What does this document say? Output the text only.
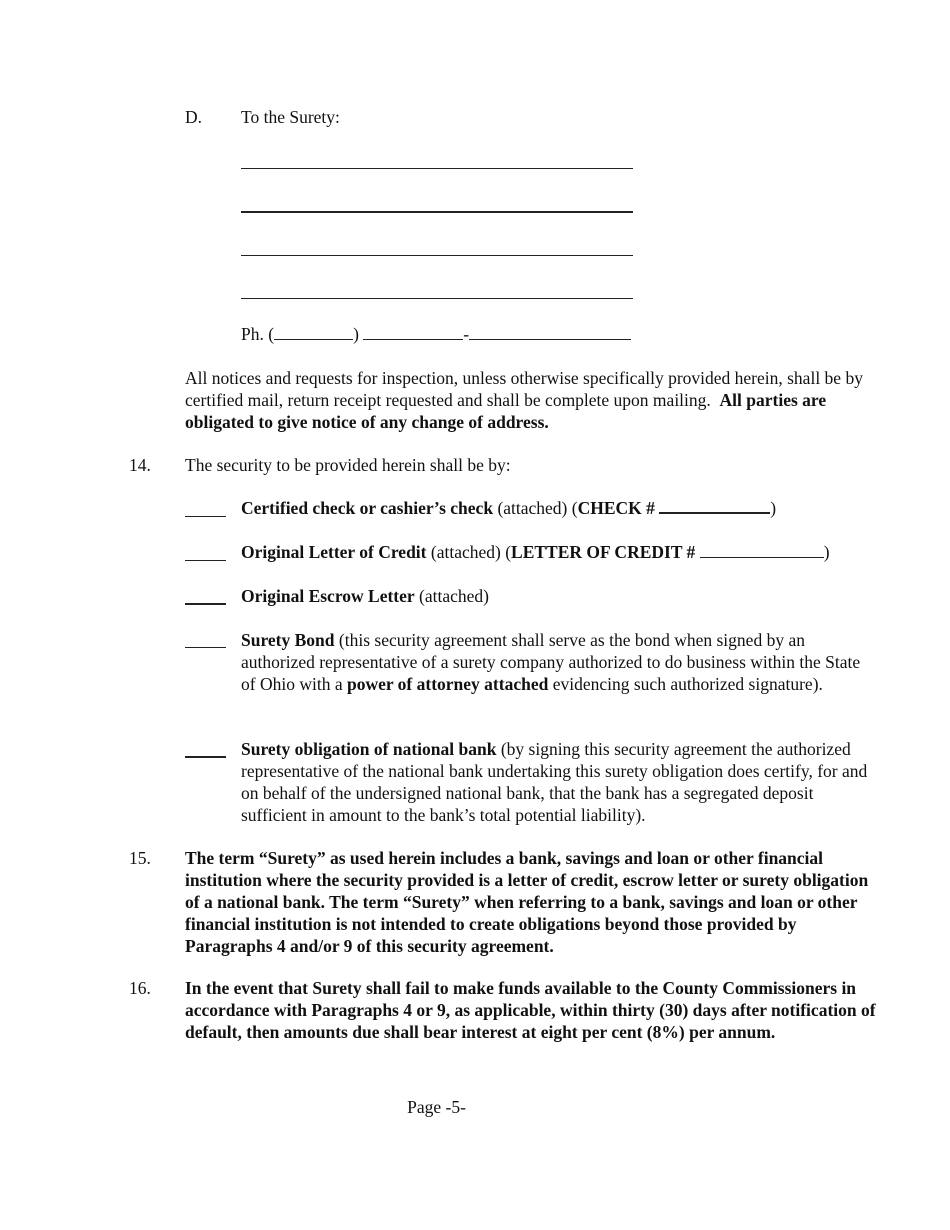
D. To the Surety:
Ph. (	)	-
All notices and requests for inspection, unless otherwise specifically provided herein, shall be by certified mail, return receipt requested and shall be complete upon mailing. All parties are obligated to give notice of any change of address.
14. The security to be provided herein shall be by:
Certified check or cashier’s check (attached) (CHECK #	)
Original Letter of Credit (attached) (LETTER OF CREDIT #	)
Original Escrow Letter (attached)
Surety Bond (this security agreement shall serve as the bond when signed by an authorized representative of a surety company authorized to do business within the State of Ohio with a power of attorney attached evidencing such authorized signature).
Surety obligation of national bank (by signing this security agreement the authorized representative of the national bank undertaking this surety obligation does certify, for and on behalf of the undersigned national bank, that the bank has a segregated deposit sufficient in amount to the bank’s total potential liability).
15. The term “Surety” as used herein includes a bank, savings and loan or other financial institution where the security provided is a letter of credit, escrow letter or surety obligation of a national bank. The term “Surety” when referring to a bank, savings and loan or other financial institution is not intended to create obligations beyond those provided by Paragraphs 4 and/or 9 of this security agreement.
16. In the event that Surety shall fail to make funds available to the County Commissioners in accordance with Paragraphs 4 or 9, as applicable, within thirty (30) days after notification of default, then amounts due shall bear interest at eight per cent (8%) per annum.
Page -5-
